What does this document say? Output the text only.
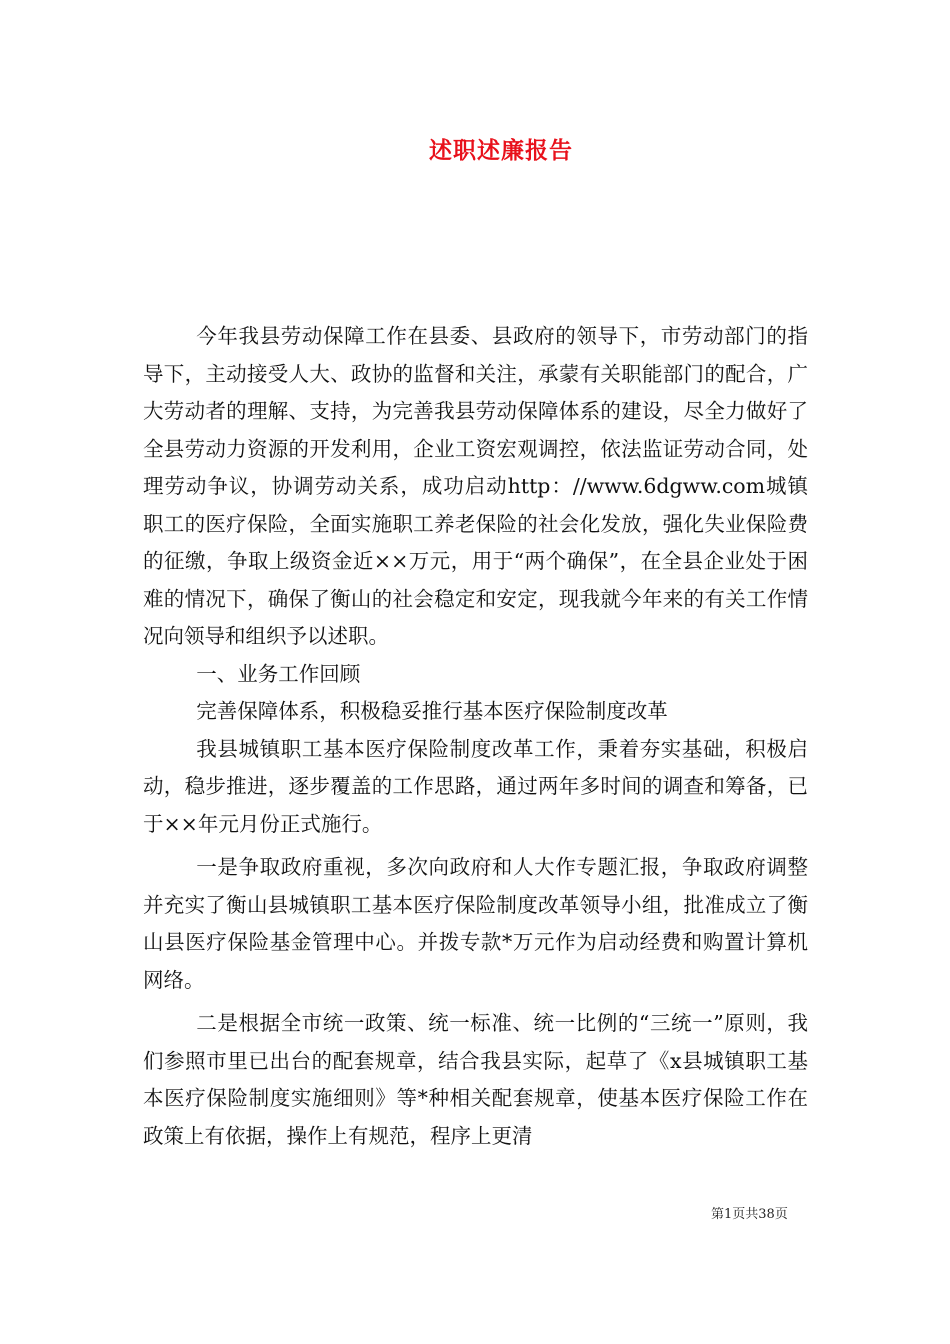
述职述廉报告

今年我县劳动保障工作在县委、县政府的领导下，市劳动部门的指导下，主动接受人大、政协的监督和关注，承蒙有关职能部门的配合，广大劳动者的理解、支持，为完善我县劳动保障体系的建设，尽全力做好了全县劳动力资源的开发利用，企业工资宏观调控，依法监证劳动合同，处理劳动争议，协调劳动关系，成功启动http：//www.6dgww.com城镇职工的医疗保险，全面实施职工养老保险的社会化发放，强化失业保险费的征缴，争取上级资金近××万元，用于“两个确保”，在全县企业处于困难的情况下，确保了衡山的社会稳定和安定，现我就今年来的有关工作情况向领导和组织予以述职。

一、业务工作回顾

完善保障体系，积极稳妥推行基本医疗保险制度改革

我县城镇职工基本医疗保险制度改革工作，秉着夯实基础，积极启动，稳步推进，逐步覆盖的工作思路，通过两年多时间的调查和筹备，已于××年元月份正式施行。

一是争取政府重视，多次向政府和人大作专题汇报，争取政府调整并充实了衡山县城镇职工基本医疗保险制度改革领导小组，批准成立了衡山县医疗保险基金管理中心。并拨专款*万元作为启动经费和购置计算机网络。

二是根据全市统一政策、统一标准、统一比例的“三统一”原则，我们参照市里已出台的配套规章，结合我县实际，起草了《x县城镇职工基本医疗保险制度实施细则》等*种相关配套规章，使基本医疗保险工作在政策上有依据，操作上有规范，程序上更清

第1页共38页
